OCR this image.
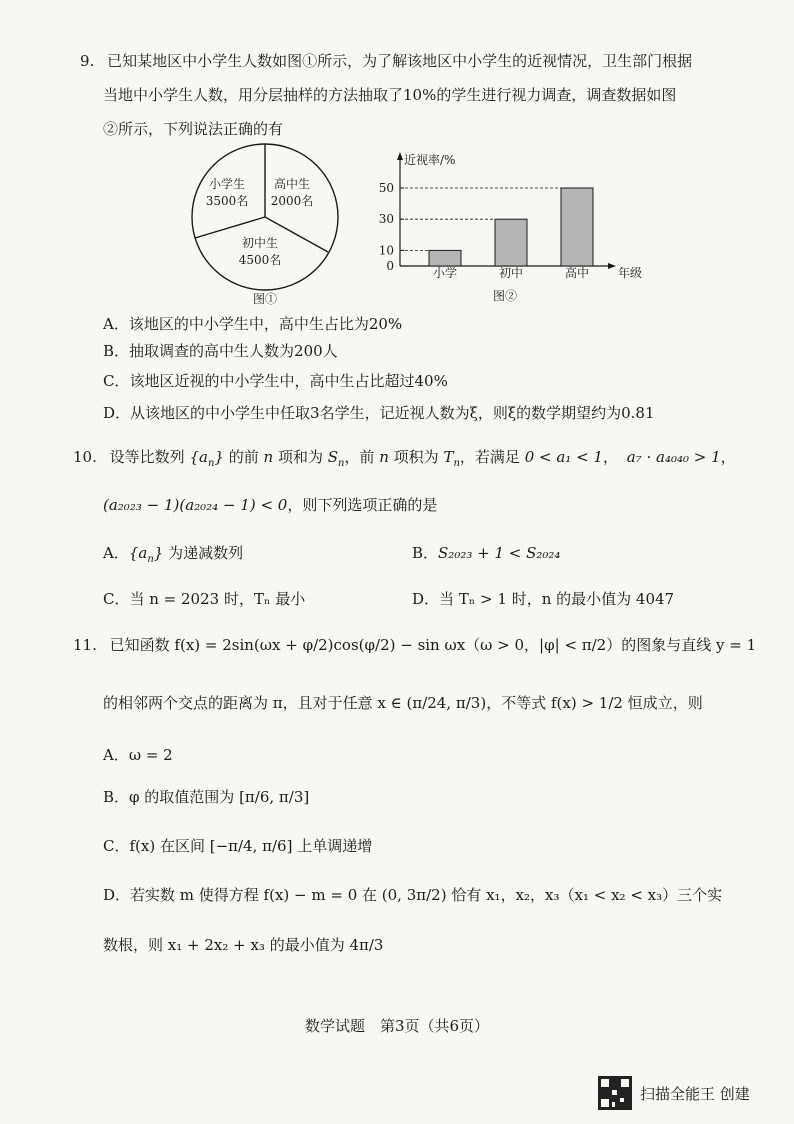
9. 已知某地区中小学生人数如图①所示，为了解该地区中小学生的近视情况，卫生部门根据
当地中小学生人数，用分层抽样的方法抽取了10%的学生进行视力调查，调查数据如图
②所示，下列说法正确的有
小学生
3500名
高中生
2000名
初中生
4500名
图①
近视率/%
年级
图②
0
10
30
50
小学	初中	高中
A．该地区的中小学生中，高中生占比为20%
B．抽取调查的高中生人数为200人
C．该地区近视的中小学生中，高中生占比超过40%
D．从该地区的中小学生中任取3名学生，记近视人数为ξ，则ξ的数学期望约为0.81
10. 设等比数列 $\{a_n\}$ 的前 n 项和为 $S_n$，前 n 项积为 $T_n$，若满足 0 < a₁ < 1， a₇ · a₄₀₄₀ > 1，
(a₂₀₂₃ − 1)(a₂₀₂₄ − 1) < 0，则下列选项正确的是
A．$\{a_n\}$ 为递减数列	B．S₂₀₂₃ + 1 < S₂₀₂₄
C．当 n = 2023 时，Tₙ 最小	D．当 Tₙ > 1 时，n 的最小值为 4047
11. 已知函数 f(x) = 2sin(ωx + φ/2)cos(φ/2) − sin ωx（ω > 0，|φ| < π/2）的图象与直线 y = 1
的相邻两个交点的距离为 π，且对于任意 x ∈ (π/24, π/3)，不等式 f(x) > 1/2 恒成立，则
A．ω = 2
B．φ 的取值范围为 [π/6, π/3]
C．f(x) 在区间 [−π/4, π/6] 上单调递增
D．若实数 m 使得方程 f(x) − m = 0 在 (0, 3π/2) 恰有 x₁，x₂，x₃（x₁ < x₂ < x₃）三个实
数根，则 x₁ + 2x₂ + x₃ 的最小值为 4π/3
数学试题　第3页（共6页）
扫描全能王 创建
